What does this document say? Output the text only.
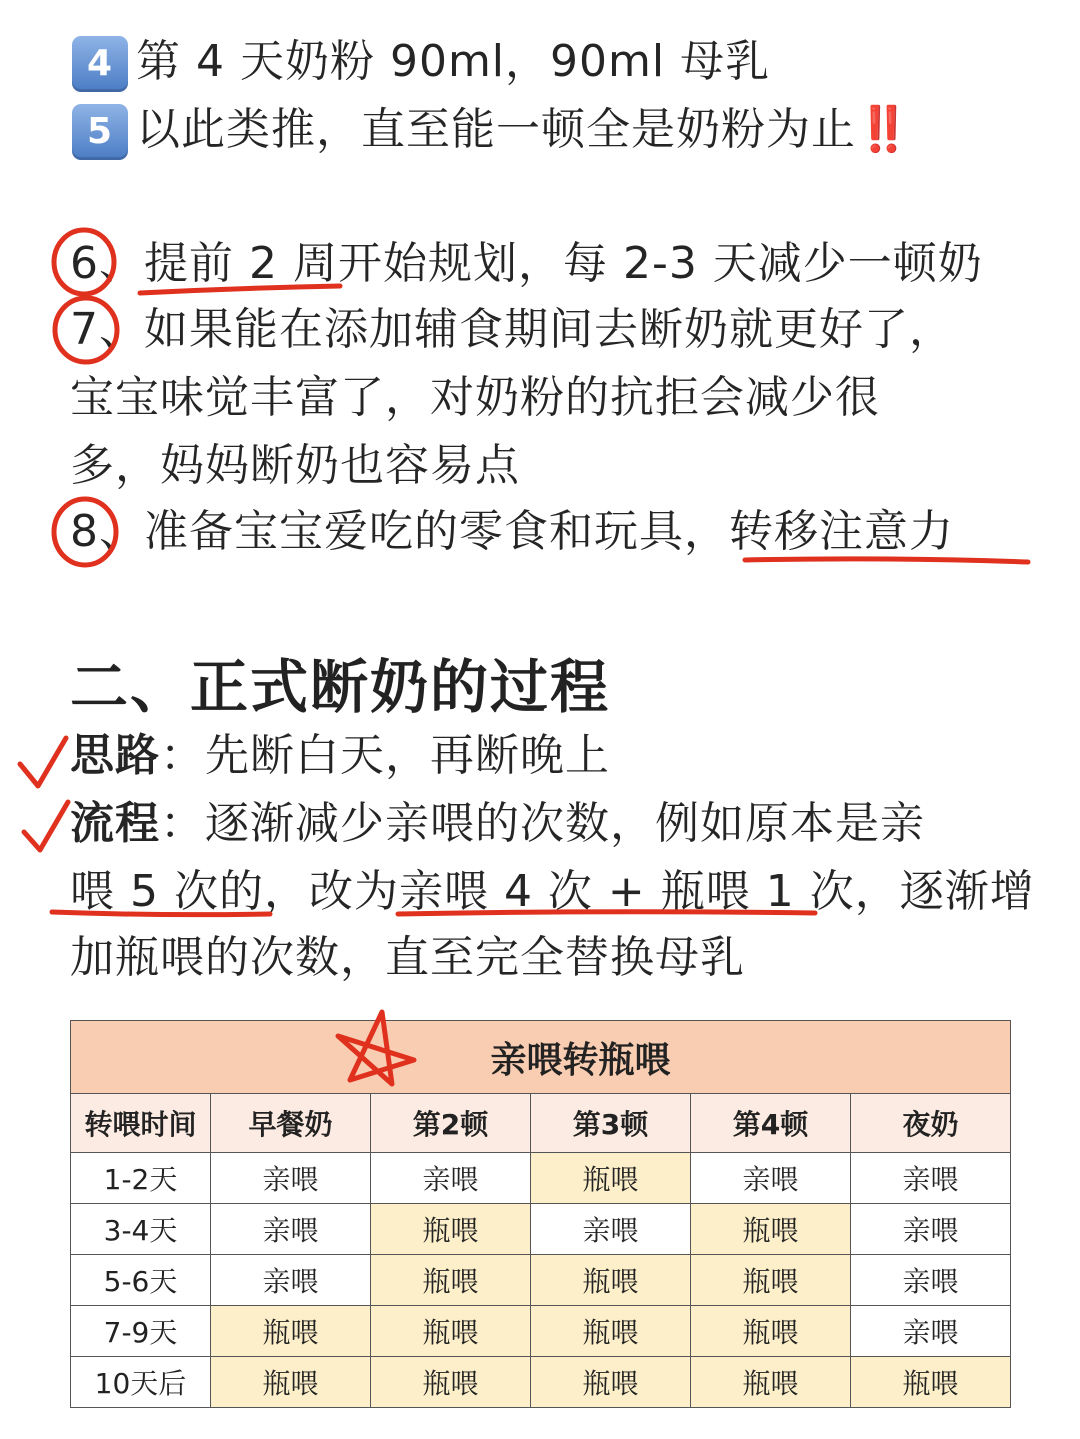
4 第 4 天奶粉 90ml，90ml 母乳
5 以此类推，直至能一顿全是奶粉为止‼️
6、提前 2 周开始规划，每 2-3 天减少一顿奶
7、如果能在添加辅食期间去断奶就更好了，
宝宝味觉丰富了，对奶粉的抗拒会减少很
多，妈妈断奶也容易点
8、准备宝宝爱吃的零食和玩具，转移注意力
二、正式断奶的过程
思路：先断白天，再断晚上
流程：逐渐减少亲喂的次数，例如原本是亲
喂 5 次的，改为亲喂 4 次 + 瓶喂 1 次，逐渐增
加瓶喂的次数，直至完全替换母乳
亲喂转瓶喂					
转喂时间	早餐奶	第2顿	第3顿	第4顿	夜奶
1-2天	亲喂	亲喂	瓶喂	亲喂	亲喂
3-4天	亲喂	瓶喂	亲喂	瓶喂	亲喂
5-6天	亲喂	瓶喂	瓶喂	瓶喂	亲喂
7-9天	瓶喂	瓶喂	瓶喂	瓶喂	亲喂
10天后	瓶喂	瓶喂	瓶喂	瓶喂	瓶喂
